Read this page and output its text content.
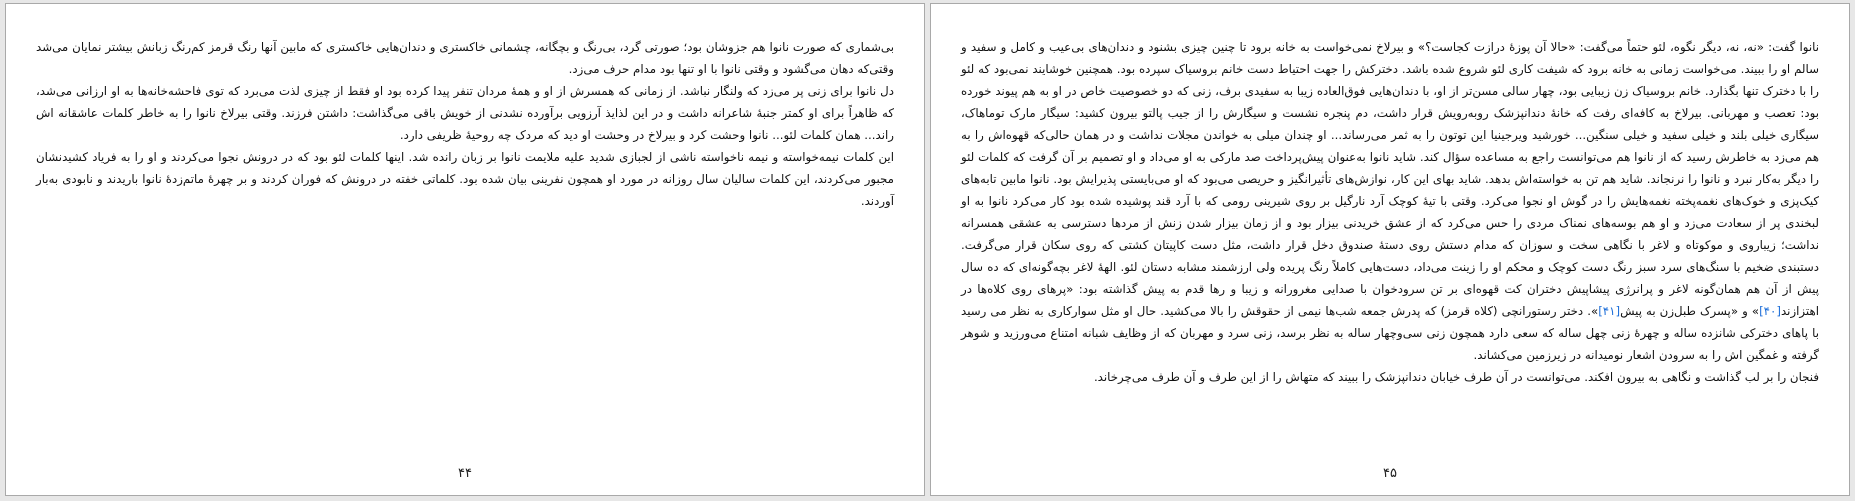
بی‌شماری که صورت نانوا هم جزوشان بود؛ صورتی گرد، بی‌رنگ و بچگانه، چشمانی خاکستری و دندان‌هایی خاکستری که مابین آنها رنگ قرمز کم‌رنگ زبانش بیشتر نمایان می‌شد وقتی‌که دهان می‌گشود و وقتی نانوا با او تنها بود مدام حرف می‌زد.

دل نانوا برای زنی پر می‌زد که ولنگار نباشد. از زمانی که همسرش از او و همهٔ مردان تنفر پیدا کرده بود او فقط از چیزی لذت می‌برد که توی فاحشه‌خانه‌ها به او ارزانی می‌شد، که ظاهراً برای او کمتر جنبهٔ شاعرانه داشت و در این لذایذ آرزویی برآورده نشدنی از خویش باقی می‌گذاشت: داشتن فرزند. وقتی بیرلاخ نانوا را به خاطر کلمات عاشقانه اش راند... همان کلمات لئو... نانوا وحشت کرد و بیرلاخ در وحشت او دید که مردک چه روحیهٔ ظریفی دارد.

این کلمات نیمه‌خواسته و نیمه ناخواسته ناشی از لجبازی شدید علیه ملایمت نانوا بر زبان رانده شد. اینها کلمات لئو بود که در درونش نجوا می‌کردند و او را به فریاد کشیدنشان مجبور می‌کردند، این کلمات سالیان سال روزانه در مورد او همچون نفرینی بیان شده بود. کلماتی خفته در درونش که فوران کردند و بر چهرهٔ ماتم‌زدهٔ نانوا باریدند و نابودی به‌بار آوردند.

۴۴

نانوا گفت: «نه، نه، دیگر نگوه، لئو حتماً می‌گفت: «حالا آن پوزهٔ درازت کجاست؟» و بیرلاخ نمی‌خواست به خانه برود تا چنین چیزی بشنود و دندان‌های بی‌عیب و کامل و سفید و سالم او را ببیند. می‌خواست زمانی به خانه برود که شیفت کاری لئو شروع شده باشد. دخترکش را جهت احتیاط دست خانم بروسیاک سپرده بود. همچنین خوشایند نمی‌بود که لئو را با دخترک تنها بگذارد. خانم بروسیاک زن زیبایی بود، چهار سالی مسن‌تر از او، با دندان‌هایی فوق‌العاده زیبا به سفیدی برف، زنی که دو خصوصیت خاص در او به هم پیوند خورده بود: تعصب و مهربانی. بیرلاخ به کافه‌ای رفت که خانهٔ دندانپزشک روبه‌رویش قرار داشت، دم پنجره نشست و سیگارش را از جیب پالتو بیرون کشید: سیگار مارک توماهاک، سیگاری خیلی بلند و خیلی سفید و خیلی سنگین... خورشید ویرجینیا این توتون را به ثمر می‌رساند... او چندان میلی به خواندن مجلات نداشت و در همان حالی‌که قهوه‌اش را به هم می‌زد به خاطرش رسید که از نانوا هم می‌توانست راجع به مساعده سؤال کند. شاید نانوا به‌عنوان پیش‌پرداخت صد مارکی به او می‌داد و او تصمیم بر آن گرفت که کلمات لئو را دیگر به‌کار نبرد و نانوا را نرنجاند. شاید هم تن به خواسته‌اش بدهد. شاید بهای این کار، نوازش‌های تأثیرانگیز و حریصی می‌بود که او می‌بایستی پذیرایش بود. نانوا مابین تابه‌های کیک‌پزی و خوک‌های نغمه‌پخته نغمه‌هایش را در گوش او نجوا می‌کرد. وقتی با تیهٔ کوچک آرد نارگیل بر روی شیرینی رومی که با آرد قند پوشیده شده بود کار می‌کرد نانوا به او لبخندی پر از سعادت می‌زد و او هم بوسه‌های نمناک مردی را حس می‌کرد که از عشق خریدنی بیزار بود و از زمان بیزار شدن زنش از مردها دسترسی به عشقی همسرانه نداشت؛ زیباروی و موکوتاه و لاغر با نگاهی سخت و سوزان که مدام دستش روی دستهٔ صندوق دخل قرار داشت، مثل دست کاپیتان کشتی که روی سکان قرار می‌گرفت. دستبندی ضخیم با سنگ‌های سرد سبز رنگ دست کوچک و محکم او را زینت می‌داد، دست‌هایی کاملاً رنگ پریده ولی ارزشمند مشابه دستان لئو. الههٔ لاغر بچه‌گونه‌ای که ده سال پیش از آن هم همان‌گونه لاغر و پرانرژی پیشاپیش دختران کت قهوه‌ای بر تن سرودخوان با صدایی مغرورانه و زیبا و رها قدم به پیش گذاشته بود: «پرهای روی کلاه‌ها در اهتزازند[۴۰]» و «پسرک طبل‌زن به پیش[۴۱]». دختر رستورانچی (کلاه قرمز) که پدرش جمعه شب‌ها نیمی از حقوقش را بالا می‌کشید. حال او مثل سوارکاری به نظر می رسید با پاهای دخترکی شانزده ساله و چهرهٔ زنی چهل ساله که سعی دارد همچون زنی سی‌وچهار ساله به نظر برسد، زنی سرد و مهربان که از وظایف شبانه امتناع می‌ورزید و شوهر گرفته و غمگین اش را به سرودن اشعار نومیدانه در زیرزمین می‌کشاند.

فنجان را بر لب گذاشت و نگاهی به بیرون افکند. می‌توانست در آن طرف خیابان دندانپزشک را ببیند که متهاش را از این طرف و آن طرف می‌چرخاند.

۴۵
